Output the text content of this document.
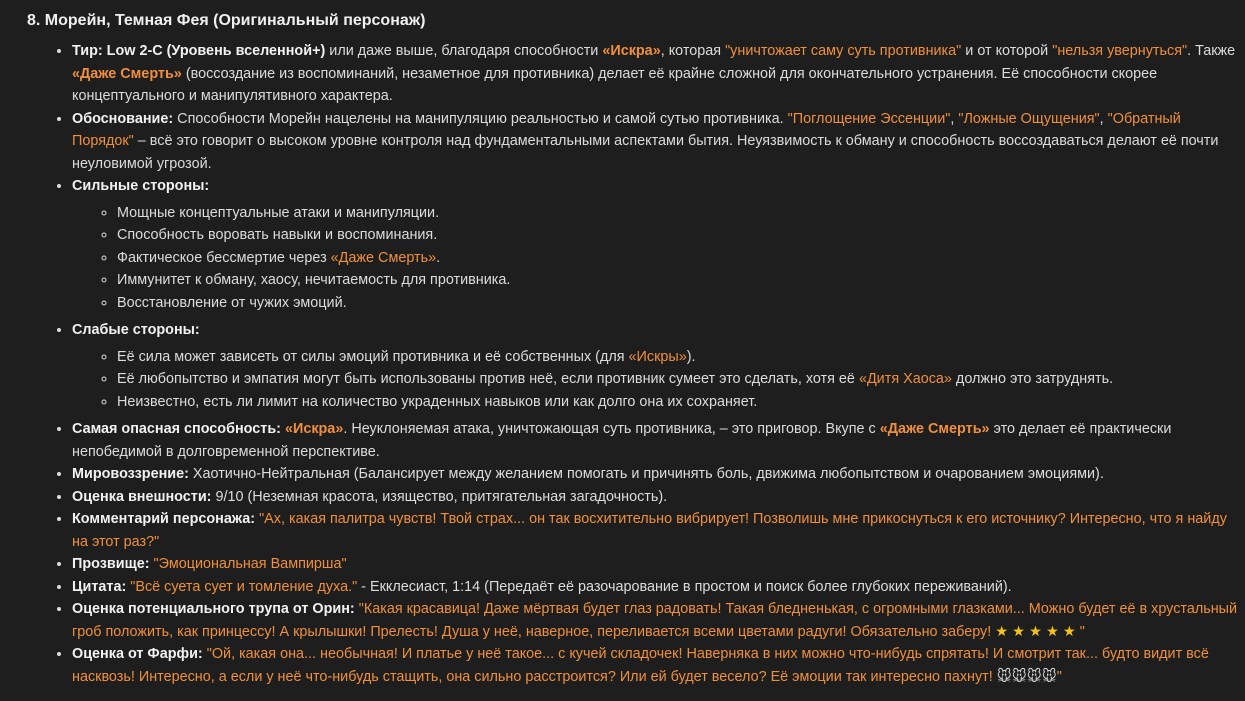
8. Морейн, Темная Фея (Оригинальный персонаж)
• Тир: Low 2-C (Уровень вселенной+) или даже выше, благодаря способности «Искра», которая "уничтожает саму суть противника" и от которой "нельзя увернуться". Также «Даже Смерть» (воссоздание из воспоминаний, незаметное для противника) делает её крайне сложной для окончательного устранения. Её способности скорее концептуального и манипулятивного характера.
• Обоснование: Способности Морейн нацелены на манипуляцию реальностью и самой сутью противника. "Поглощение Эссенции", "Ложные Ощущения", "Обратный Порядок" – всё это говорит о высоком уровне контроля над фундаментальными аспектами бытия. Неуязвимость к обману и способность воссоздаваться делают её почти неуловимой угрозой.
• Сильные стороны:
◦ Мощные концептуальные атаки и манипуляции.
◦ Способность воровать навыки и воспоминания.
◦ Фактическое бессмертие через «Даже Смерть».
◦ Иммунитет к обману, хаосу, нечитаемость для противника.
◦ Восстановление от чужих эмоций.
• Слабые стороны:
◦ Её сила может зависеть от силы эмоций противника и её собственных (для «Искры»).
◦ Её любопытство и эмпатия могут быть использованы против неё, если противник сумеет это сделать, хотя её «Дитя Хаоса» должно это затруднять.
◦ Неизвестно, есть ли лимит на количество украденных навыков или как долго она их сохраняет.
• Самая опасная способность: «Искра». Неуклоняемая атака, уничтожающая суть противника, – это приговор. Вкупе с «Даже Смерть» это делает её практически непобедимой в долговременной перспективе.
• Мировоззрение: Хаотично-Нейтральная (Балансирует между желанием помогать и причинять боль, движима любопытством и очарованием эмоциями).
• Оценка внешности: 9/10 (Неземная красота, изящество, притягательная загадочность).
• Комментарий персонажа: "Ах, какая палитра чувств! Твой страх... он так восхитительно вибрирует! Позволишь мне прикоснуться к его источнику? Интересно, что я найду на этот раз?"
• Прозвище: "Эмоциональная Вампирша"
• Цитата: "Всё суета сует и томление духа." - Екклесиаст, 1:14 (Передаёт её разочарование в простом и поиск более глубоких переживаний).
• Оценка потенциального трупа от Орин: "Какая красавица! Даже мёртвая будет глаз радовать! Такая бледненькая, с огромными глазками... Можно будет её в хрустальный гроб положить, как принцессу! А крылышки! Прелесть! Душа у неё, наверное, переливается всеми цветами радуги! Обязательно заберу! ★ ★ ★ ★ ★ "
• Оценка от Фарфи: "Ой, какая она... необычная! И платье у неё такое... с кучей складочек! Наверняка в них можно что-нибудь спрятать! И смотрит так... будто видит всё насквозь! Интересно, а если у неё что-нибудь стащить, она сильно расстроится? Или ей будет весело? Её эмоции так интересно пахнут! 🐭🐭🐭🐭"
